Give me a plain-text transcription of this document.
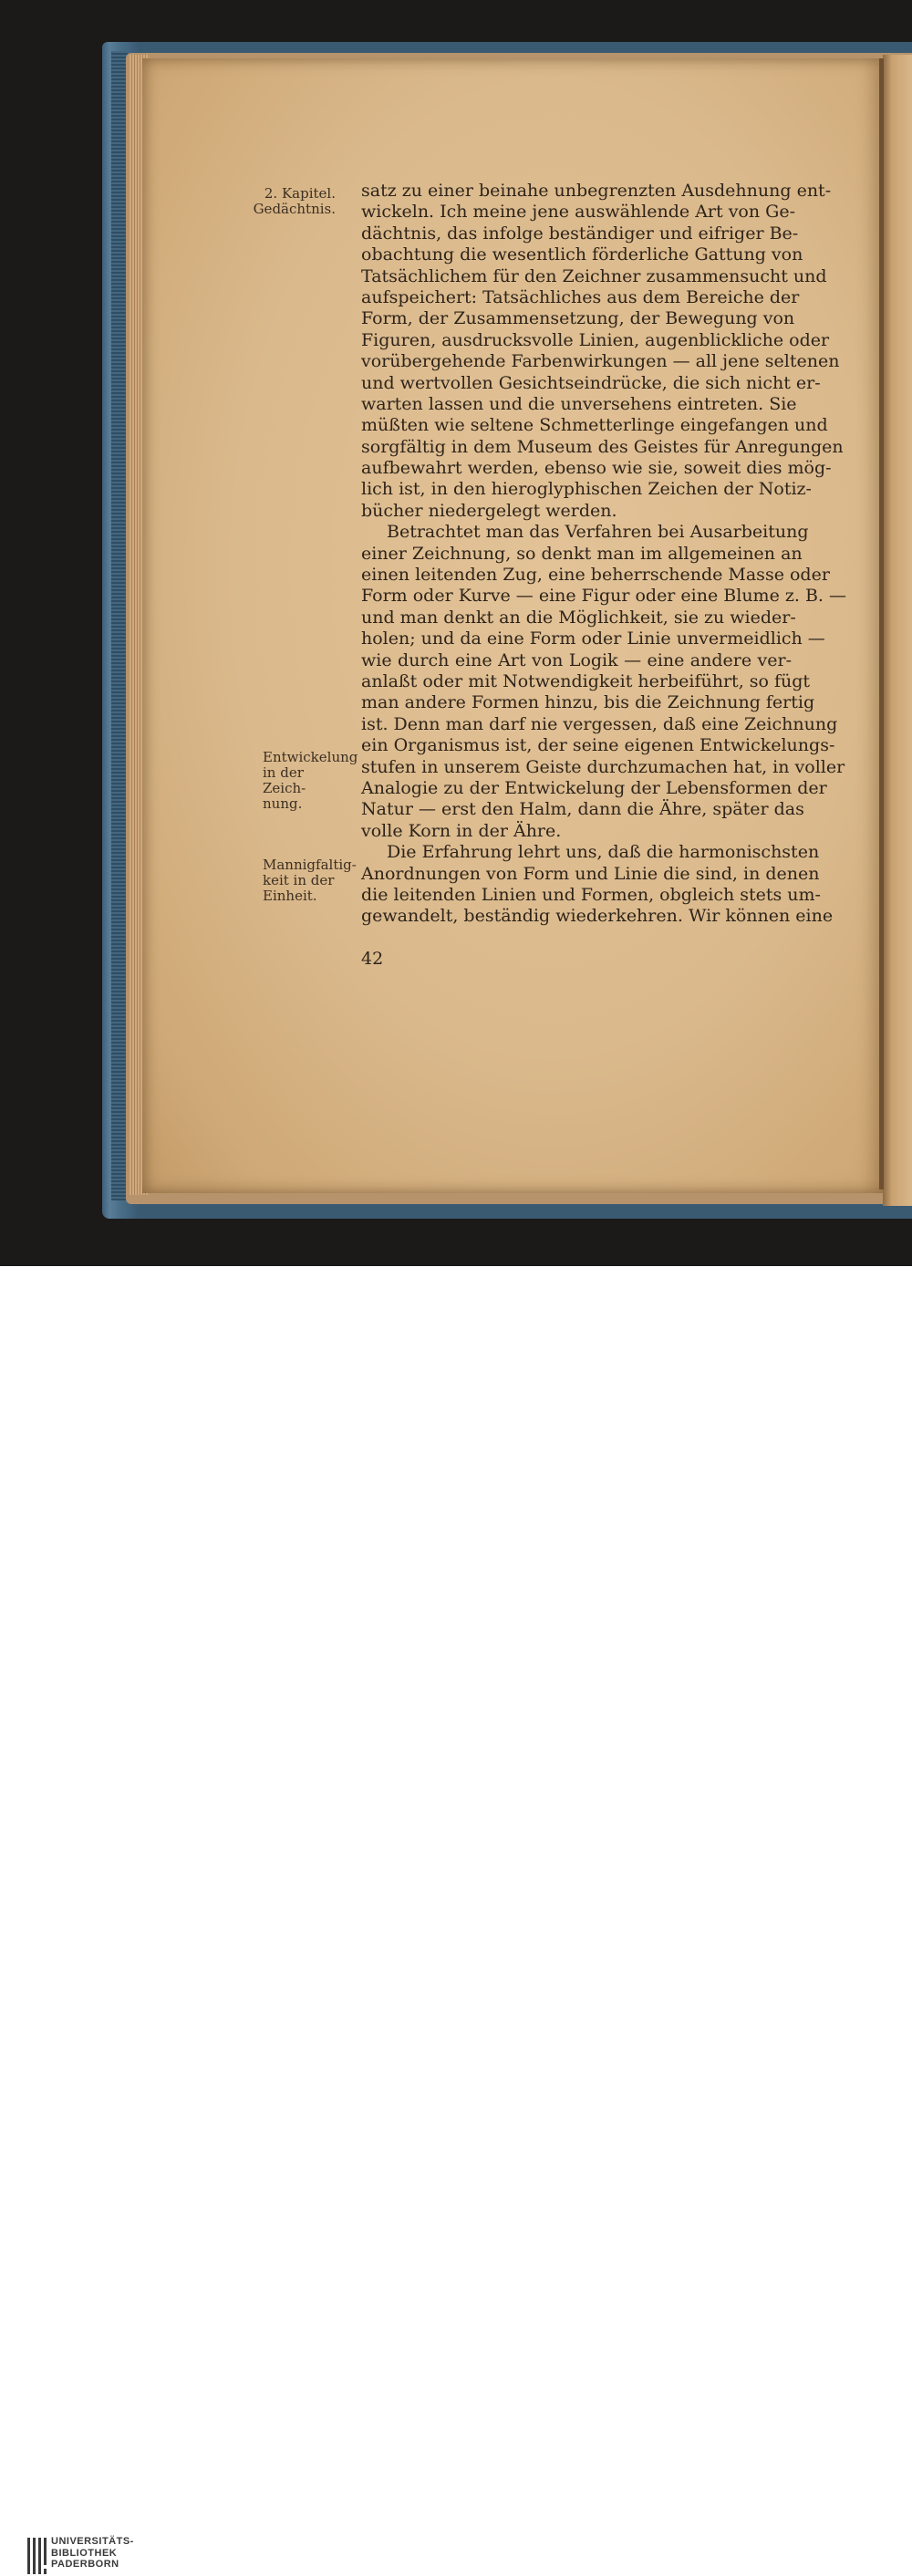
2. Kapitel.
Gedächtnis.
Entwickelung
in der Zeich-
nung.
Mannigfaltig-
keit in der
Einheit.
satz zu einer beinahe unbegrenzten Ausdehnung ent-
wickeln. Ich meine jene auswählende Art von Ge-
dächtnis, das infolge beständiger und eifriger Be-
obachtung die wesentlich förderliche Gattung von
Tatsächlichem für den Zeichner zusammensucht und
aufspeichert: Tatsächliches aus dem Bereiche der
Form, der Zusammensetzung, der Bewegung von
Figuren, ausdrucksvolle Linien, augenblickliche oder
vorübergehende Farbenwirkungen — all jene seltenen
und wertvollen Gesichtseindrücke, die sich nicht er-
warten lassen und die unversehens eintreten. Sie
müßten wie seltene Schmetterlinge eingefangen und
sorgfältig in dem Museum des Geistes für Anregungen
aufbewahrt werden, ebenso wie sie, soweit dies mög-
lich ist, in den hieroglyphischen Zeichen der Notiz-
bücher niedergelegt werden.
Betrachtet man das Verfahren bei Ausarbeitung
einer Zeichnung, so denkt man im allgemeinen an
einen leitenden Zug, eine beherrschende Masse oder
Form oder Kurve — eine Figur oder eine Blume z. B. —
und man denkt an die Möglichkeit, sie zu wieder-
holen; und da eine Form oder Linie unvermeidlich —
wie durch eine Art von Logik — eine andere ver-
anlaßt oder mit Notwendigkeit herbeiführt, so fügt
man andere Formen hinzu, bis die Zeichnung fertig
ist. Denn man darf nie vergessen, daß eine Zeichnung
ein Organismus ist, der seine eigenen Entwickelungs-
stufen in unserem Geiste durchzumachen hat, in voller
Analogie zu der Entwickelung der Lebensformen der
Natur — erst den Halm, dann die Ähre, später das
volle Korn in der Ähre.
Die Erfahrung lehrt uns, daß die harmonischsten
Anordnungen von Form und Linie die sind, in denen
die leitenden Linien und Formen, obgleich stets um-
gewandelt, beständig wiederkehren. Wir können eine
42
UNIVERSITÄTS-
BIBLIOTHEK
PADERBORN
